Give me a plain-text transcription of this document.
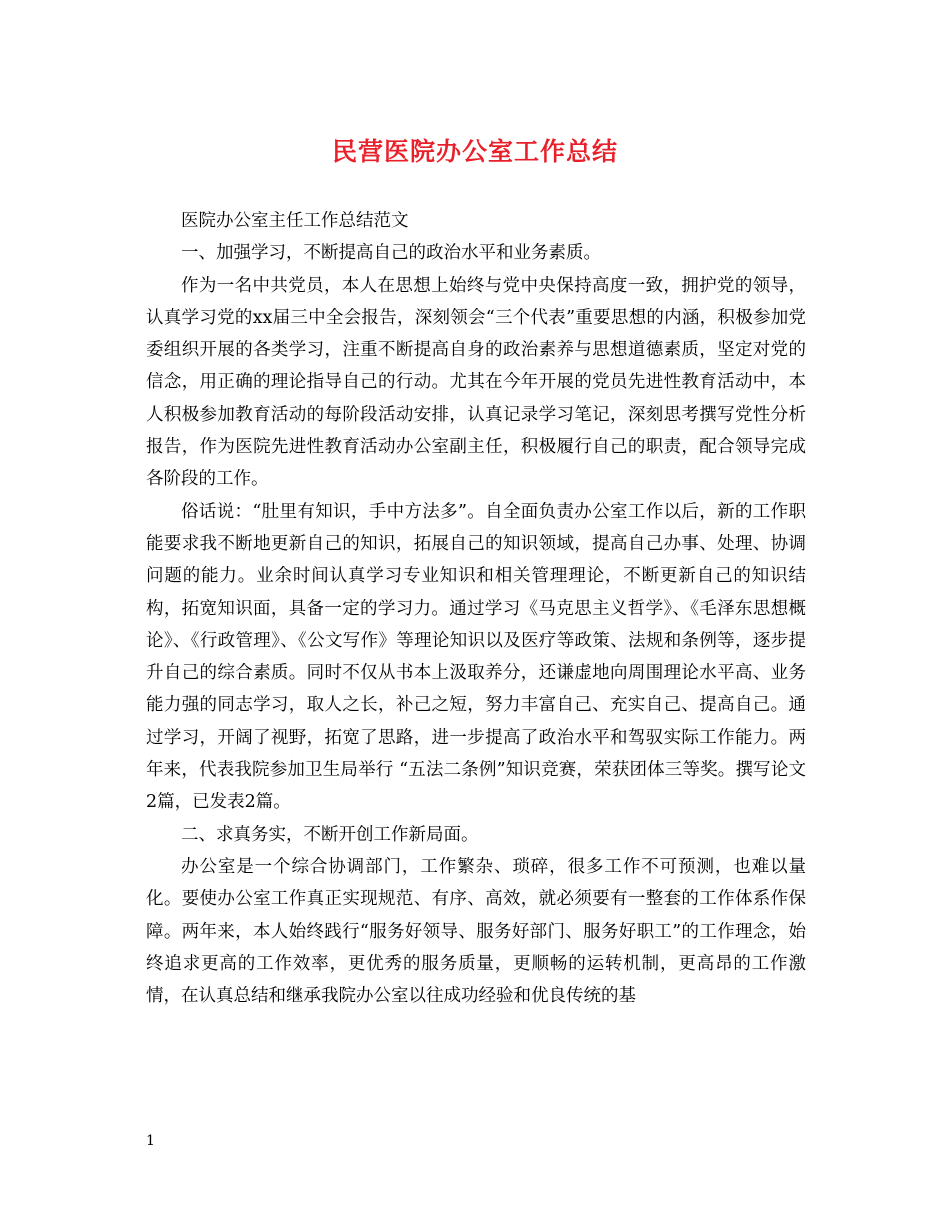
民营医院办公室工作总结

医院办公室主任工作总结范文

一、加强学习，不断提高自己的政治水平和业务素质。

作为一名中共党员，本人在思想上始终与党中央保持高度一致，拥护党的领导，认真学习党的xx届三中全会报告，深刻领会“三个代表”重要思想的内涵，积极参加党委组织开展的各类学习，注重不断提高自身的政治素养与思想道德素质，坚定对党的信念，用正确的理论指导自己的行动。尤其在今年开展的党员先进性教育活动中，本人积极参加教育活动的每阶段活动安排，认真记录学习笔记，深刻思考撰写党性分析报告，作为医院先进性教育活动办公室副主任，积极履行自己的职责，配合领导完成各阶段的工作。

俗话说：“肚里有知识，手中方法多”。自全面负责办公室工作以后，新的工作职能要求我不断地更新自己的知识，拓展自己的知识领域，提高自己办事、处理、协调问题的能力。业余时间认真学习专业知识和相关管理理论，不断更新自己的知识结构，拓宽知识面，具备一定的学习力。通过学习《马克思主义哲学》、《毛泽东思想概论》、《行政管理》、《公文写作》等理论知识以及医疗等政策、法规和条例等，逐步提升自己的综合素质。同时不仅从书本上汲取养分，还谦虚地向周围理论水平高、业务能力强的同志学习，取人之长，补己之短，努力丰富自己、充实自己、提高自己。通过学习，开阔了视野，拓宽了思路，进一步提高了政治水平和驾驭实际工作能力。两年来，代表我院参加卫生局举行 “五法二条例”知识竞赛，荣获团体三等奖。撰写论文2篇，已发表2篇。

二、求真务实，不断开创工作新局面。

办公室是一个综合协调部门，工作繁杂、琐碎，很多工作不可预测，也难以量化。要使办公室工作真正实现规范、有序、高效，就必须要有一整套的工作体系作保障。两年来，本人始终践行“服务好领导、服务好部门、服务好职工”的工作理念，始终追求更高的工作效率，更优秀的服务质量，更顺畅的运转机制，更高昂的工作激情，在认真总结和继承我院办公室以往成功经验和优良传统的基

1
